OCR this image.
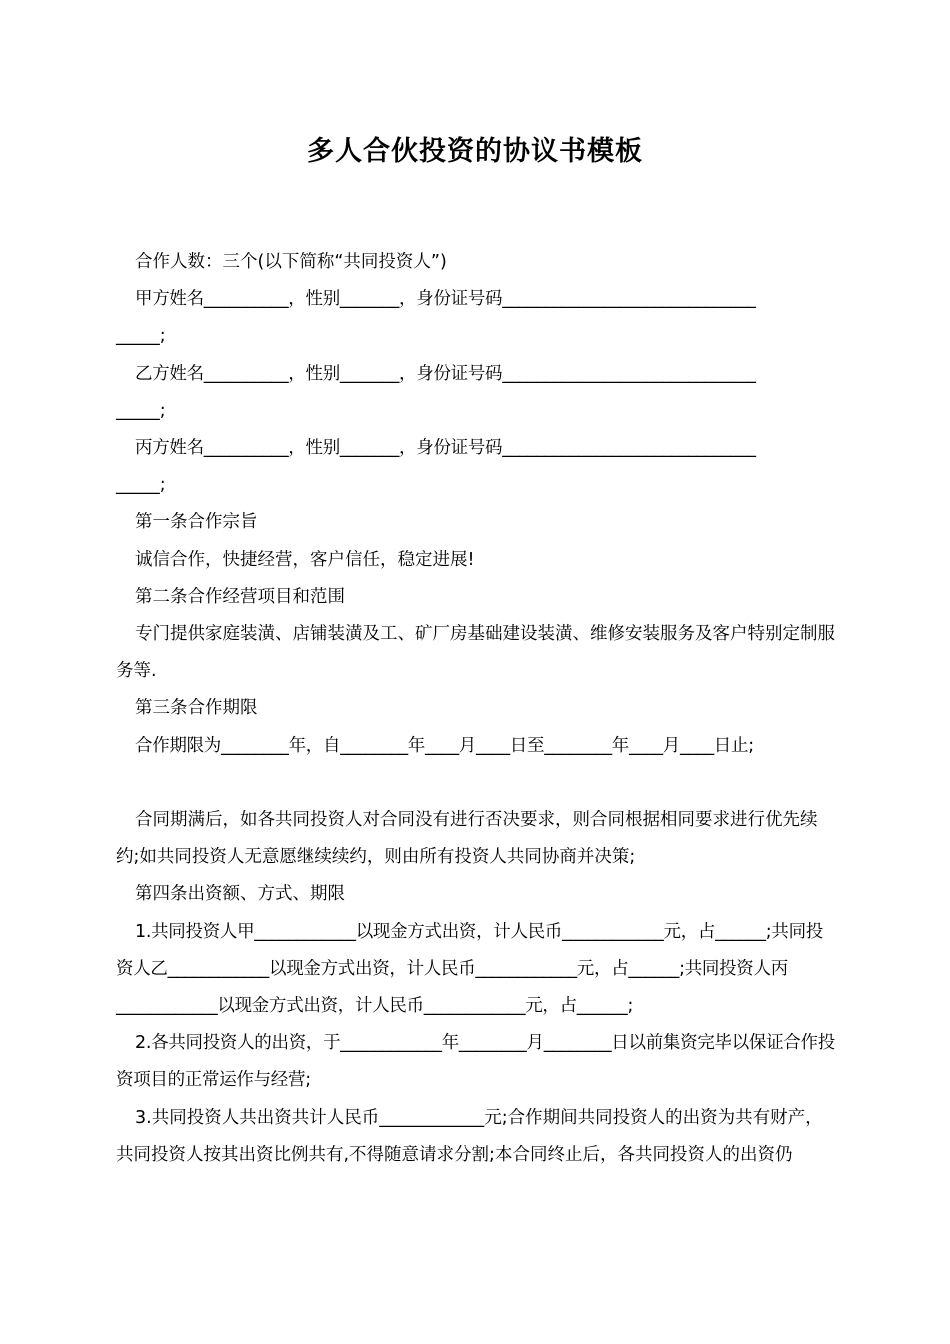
多人合伙投资的协议书模板

合作人数：三个(以下简称“共同投资人”)

甲方姓名__________，性别_______，身份证号码______________________________

_____;

乙方姓名__________，性别_______，身份证号码______________________________

_____;

丙方姓名__________，性别_______，身份证号码______________________________

_____;

第一条合作宗旨

诚信合作，快捷经营，客户信任，稳定进展!

第二条合作经营项目和范围

专门提供家庭装潢、店铺装潢及工、矿厂房基础建设装潢、维修安装服务及客户特别定制服务等.

第三条合作期限

合作期限为________年，自________年____月____日至________年____月____日止;

合同期满后，如各共同投资人对合同没有进行否决要求，则合同根据相同要求进行优先续约;如共同投资人无意愿继续续约，则由所有投资人共同协商并决策;

第四条出资额、方式、期限

1.共同投资人甲____________以现金方式出资，计人民币____________元，占______;共同投资人乙____________以现金方式出资，计人民币____________元，占______;共同投资人丙____________以现金方式出资，计人民币____________元，占______;

2.各共同投资人的出资，于____________年________月________日以前集资完毕以保证合作投资项目的正常运作与经营;

3.共同投资人共出资共计人民币____________元;合作期间共同投资人的出资为共有财产，共同投资人按其出资比例共有,不得随意请求分割;本合同终止后，各共同投资人的出资仍
